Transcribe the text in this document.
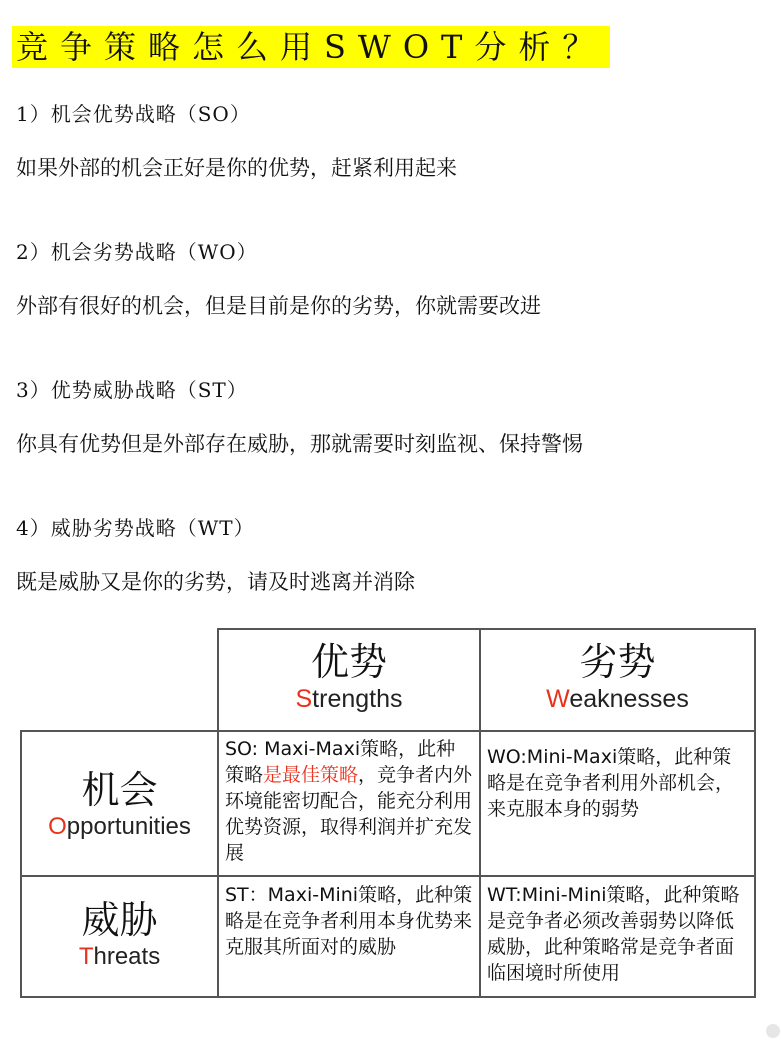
竞争策略怎么用SWOT分析？
1）机会优势战略（SO）
如果外部的机会正好是你的优势，赶紧利用起来
2）机会劣势战略（WO）
外部有很好的机会，但是目前是你的劣势，你就需要改进
3）优势威胁战略（ST）
你具有优势但是外部存在威胁，那就需要时刻监视、保持警惕
4）威胁劣势战略（WT）
既是威胁又是你的劣势，请及时逃离并消除
优势
Strengths
劣势
Weaknesses
机会
Opportunities
威胁
Threats
SO: Maxi-Maxi策略，此种策略是最佳策略，竞争者内外环境能密切配合，能充分利用优势资源，取得利润并扩充发展
WO:Mini-Maxi策略，此种策略是在竞争者利用外部机会，来克服本身的弱势
ST：Maxi-Mini策略，此种策略是在竞争者利用本身优势来克服其所面对的威胁
WT:Mini-Mini策略，此种策略是竞争者必须改善弱势以降低威胁，此种策略常是竞争者面临困境时所使用
